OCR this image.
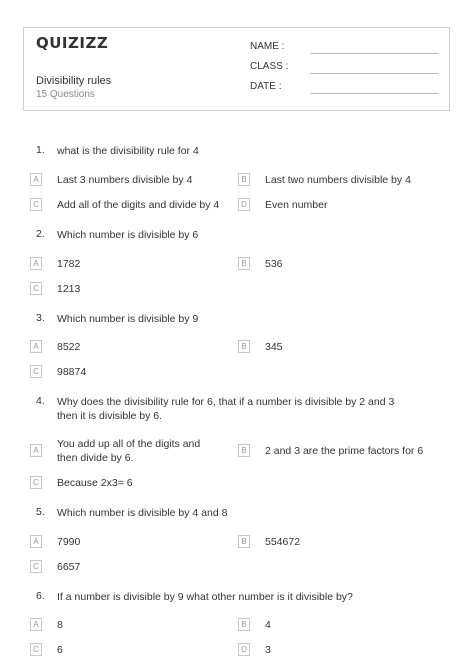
QUIZIZZ
Divisibility rules
15 Questions
NAME :
CLASS :
DATE :
1. what is the divisibility rule for 4
A	Last 3 numbers divisible by 4	B	Last two numbers divisible by 4
C Add all of the digits and divide by 4	D Even number
2. Which number is divisible by 6
A	1782	B	536
C 1213
3. Which number is divisible by 9
A	8522	B	345
C 98874
4. Why does the divisibility rule for 6, that if a number is divisible by 2 and 3 then it is divisible by 6.
A
You add up all of the digits and then divide by 6.
B	2 and 3 are the prime factors for 6
C Because 2x3= 6
5. Which number is divisible by 4 and 8
A	7990	B	554672
C 6657
6. If a number is divisible by 9 what other number is it divisible by?
A	8	B	4
C 6	D 3
